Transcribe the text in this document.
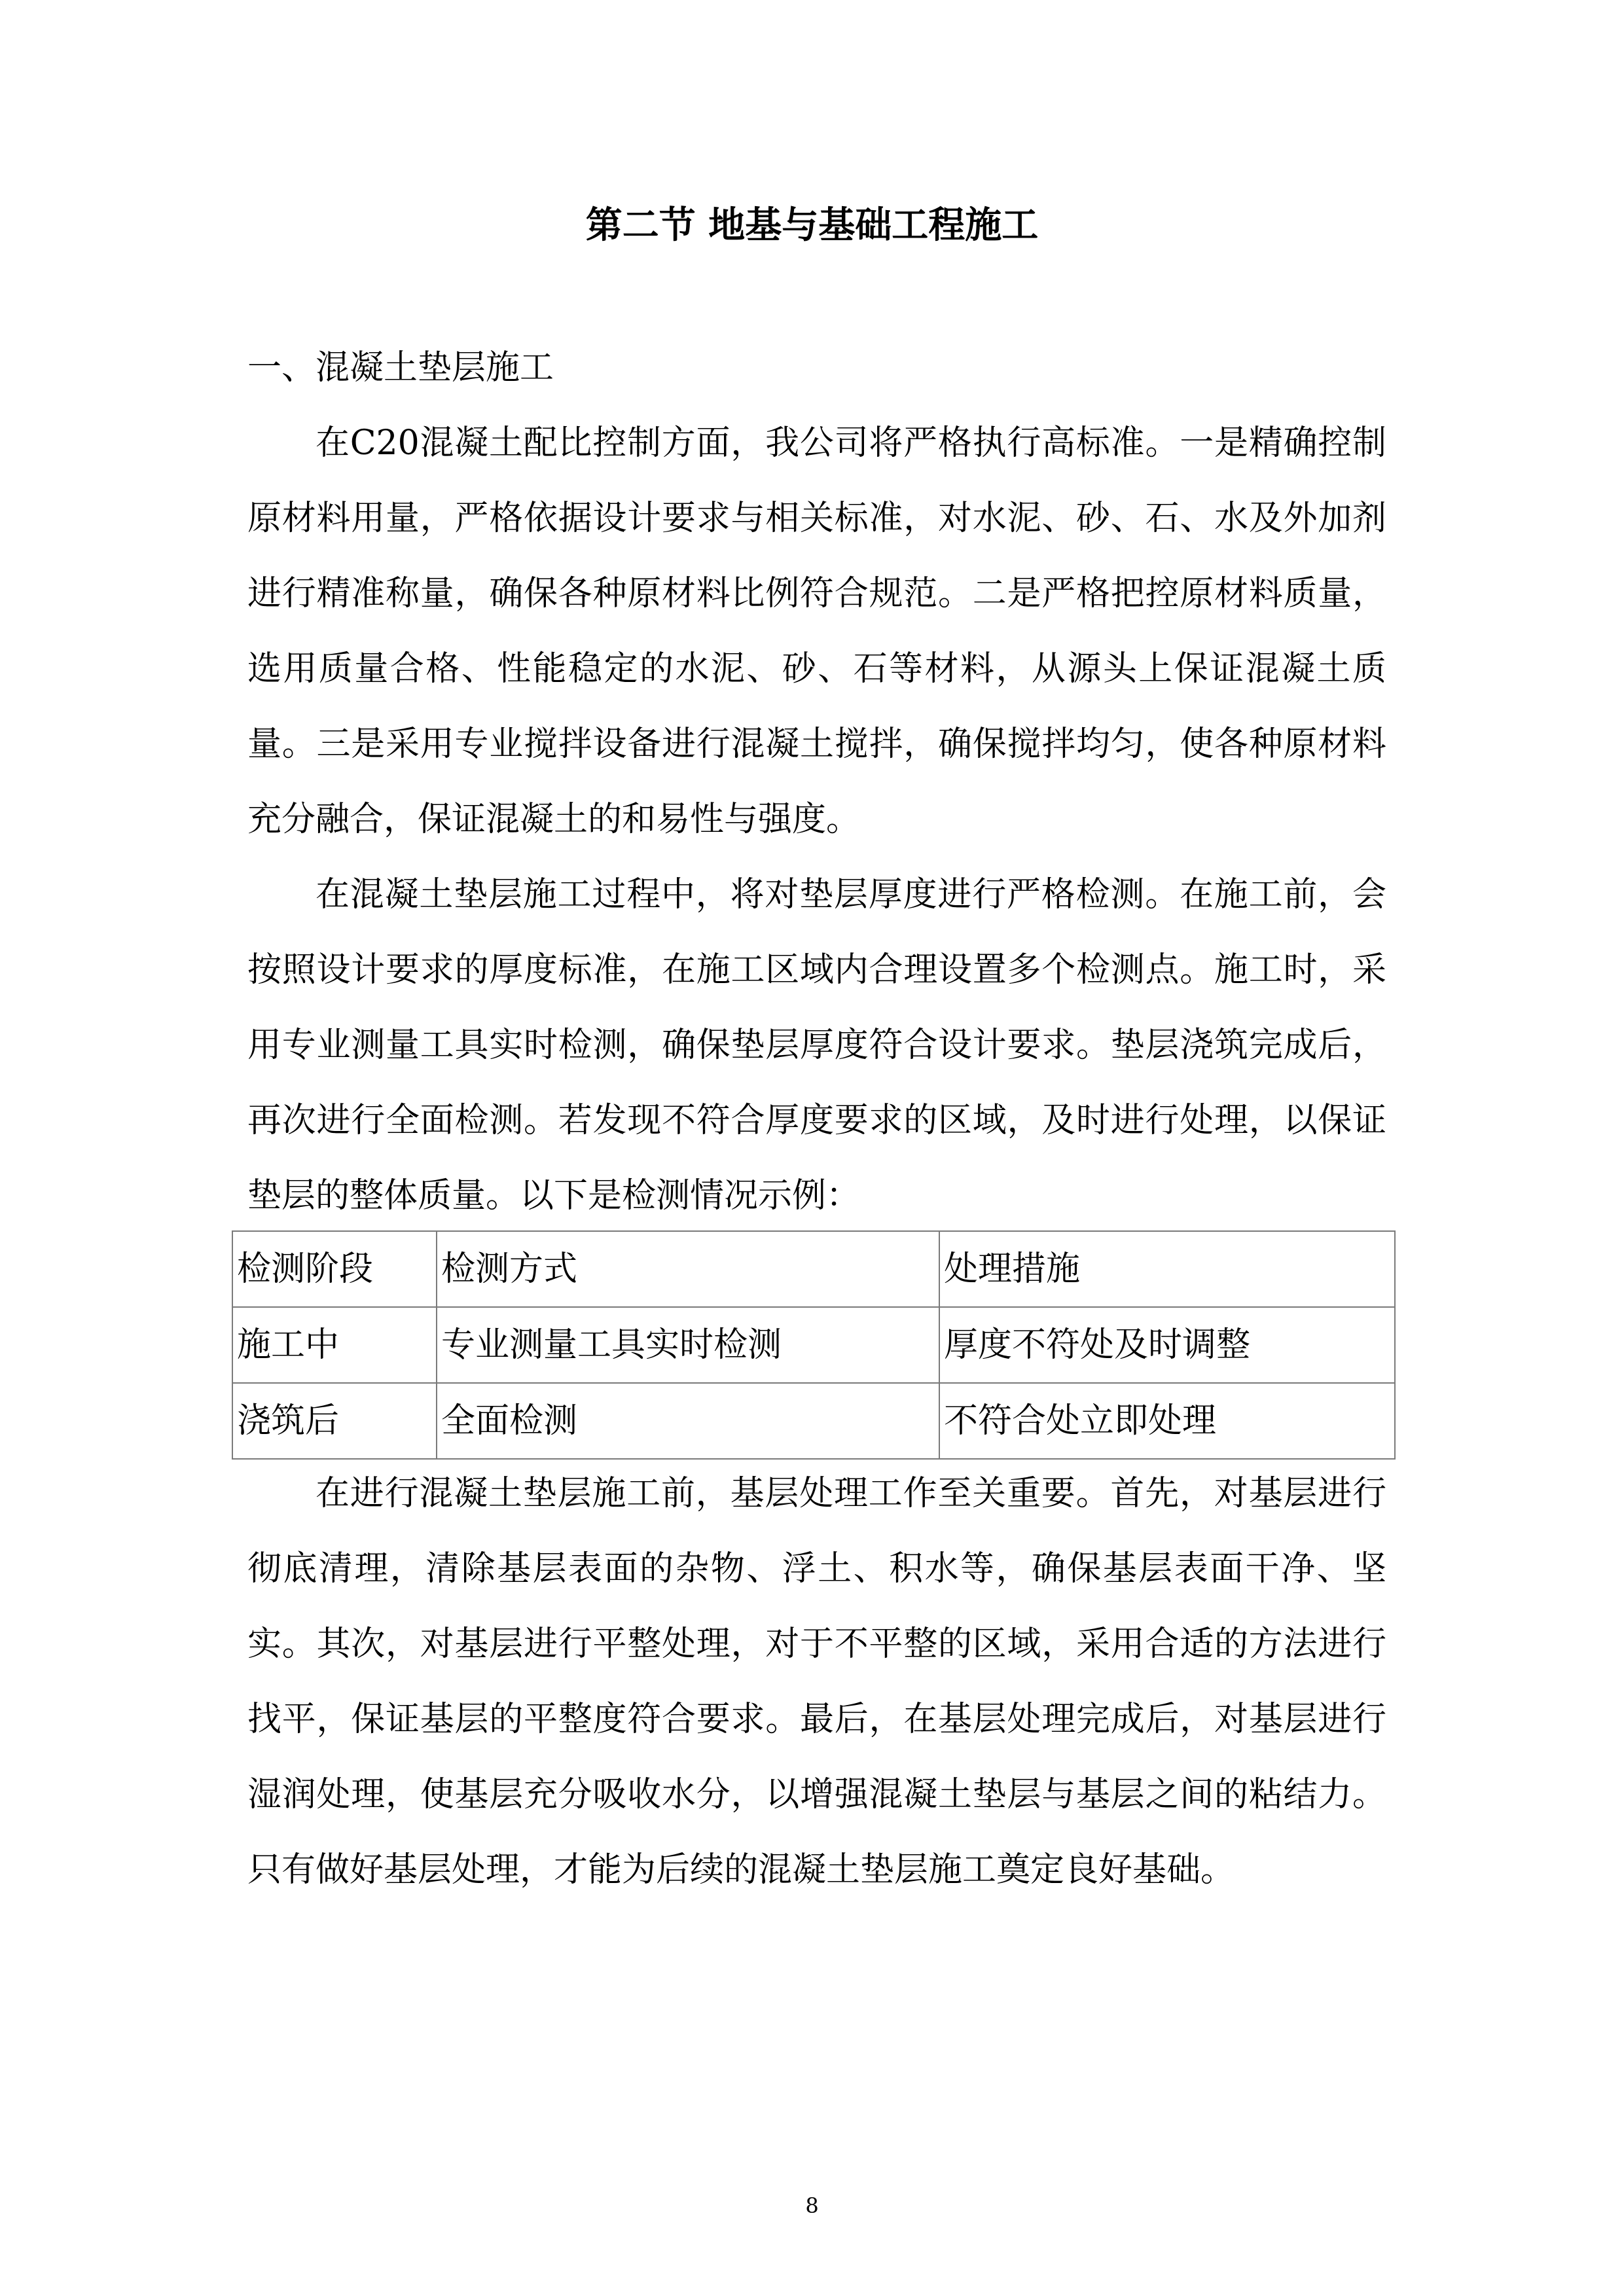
第二节 地基与基础工程施工
一、混凝土垫层施工

在C20混凝土配比控制方面，我公司将严格执行高标准。一是精确控制原材料用量，严格依据设计要求与相关标准，对水泥、砂、石、水及外加剂进行精准称量，确保各种原材料比例符合规范。二是严格把控原材料质量，选用质量合格、性能稳定的水泥、砂、石等材料，从源头上保证混凝土质量。三是采用专业搅拌设备进行混凝土搅拌，确保搅拌均匀，使各种原材料充分融合，保证混凝土的和易性与强度。

在混凝土垫层施工过程中，将对垫层厚度进行严格检测。在施工前，会按照设计要求的厚度标准，在施工区域内合理设置多个检测点。施工时，采用专业测量工具实时检测，确保垫层厚度符合设计要求。垫层浇筑完成后，再次进行全面检测。若发现不符合厚度要求的区域，及时进行处理，以保证垫层的整体质量。以下是检测情况示例：

检测阶段	检测方式	处理措施
施工中	专业测量工具实时检测	厚度不符处及时调整
浇筑后	全面检测	不符合处立即处理

在进行混凝土垫层施工前，基层处理工作至关重要。首先，对基层进行彻底清理，清除基层表面的杂物、浮土、积水等，确保基层表面干净、坚实。其次，对基层进行平整处理，对于不平整的区域，采用合适的方法进行找平，保证基层的平整度符合要求。最后，在基层处理完成后，对基层进行湿润处理，使基层充分吸收水分，以增强混凝土垫层与基层之间的粘结力。只有做好基层处理，才能为后续的混凝土垫层施工奠定良好基础。

8
